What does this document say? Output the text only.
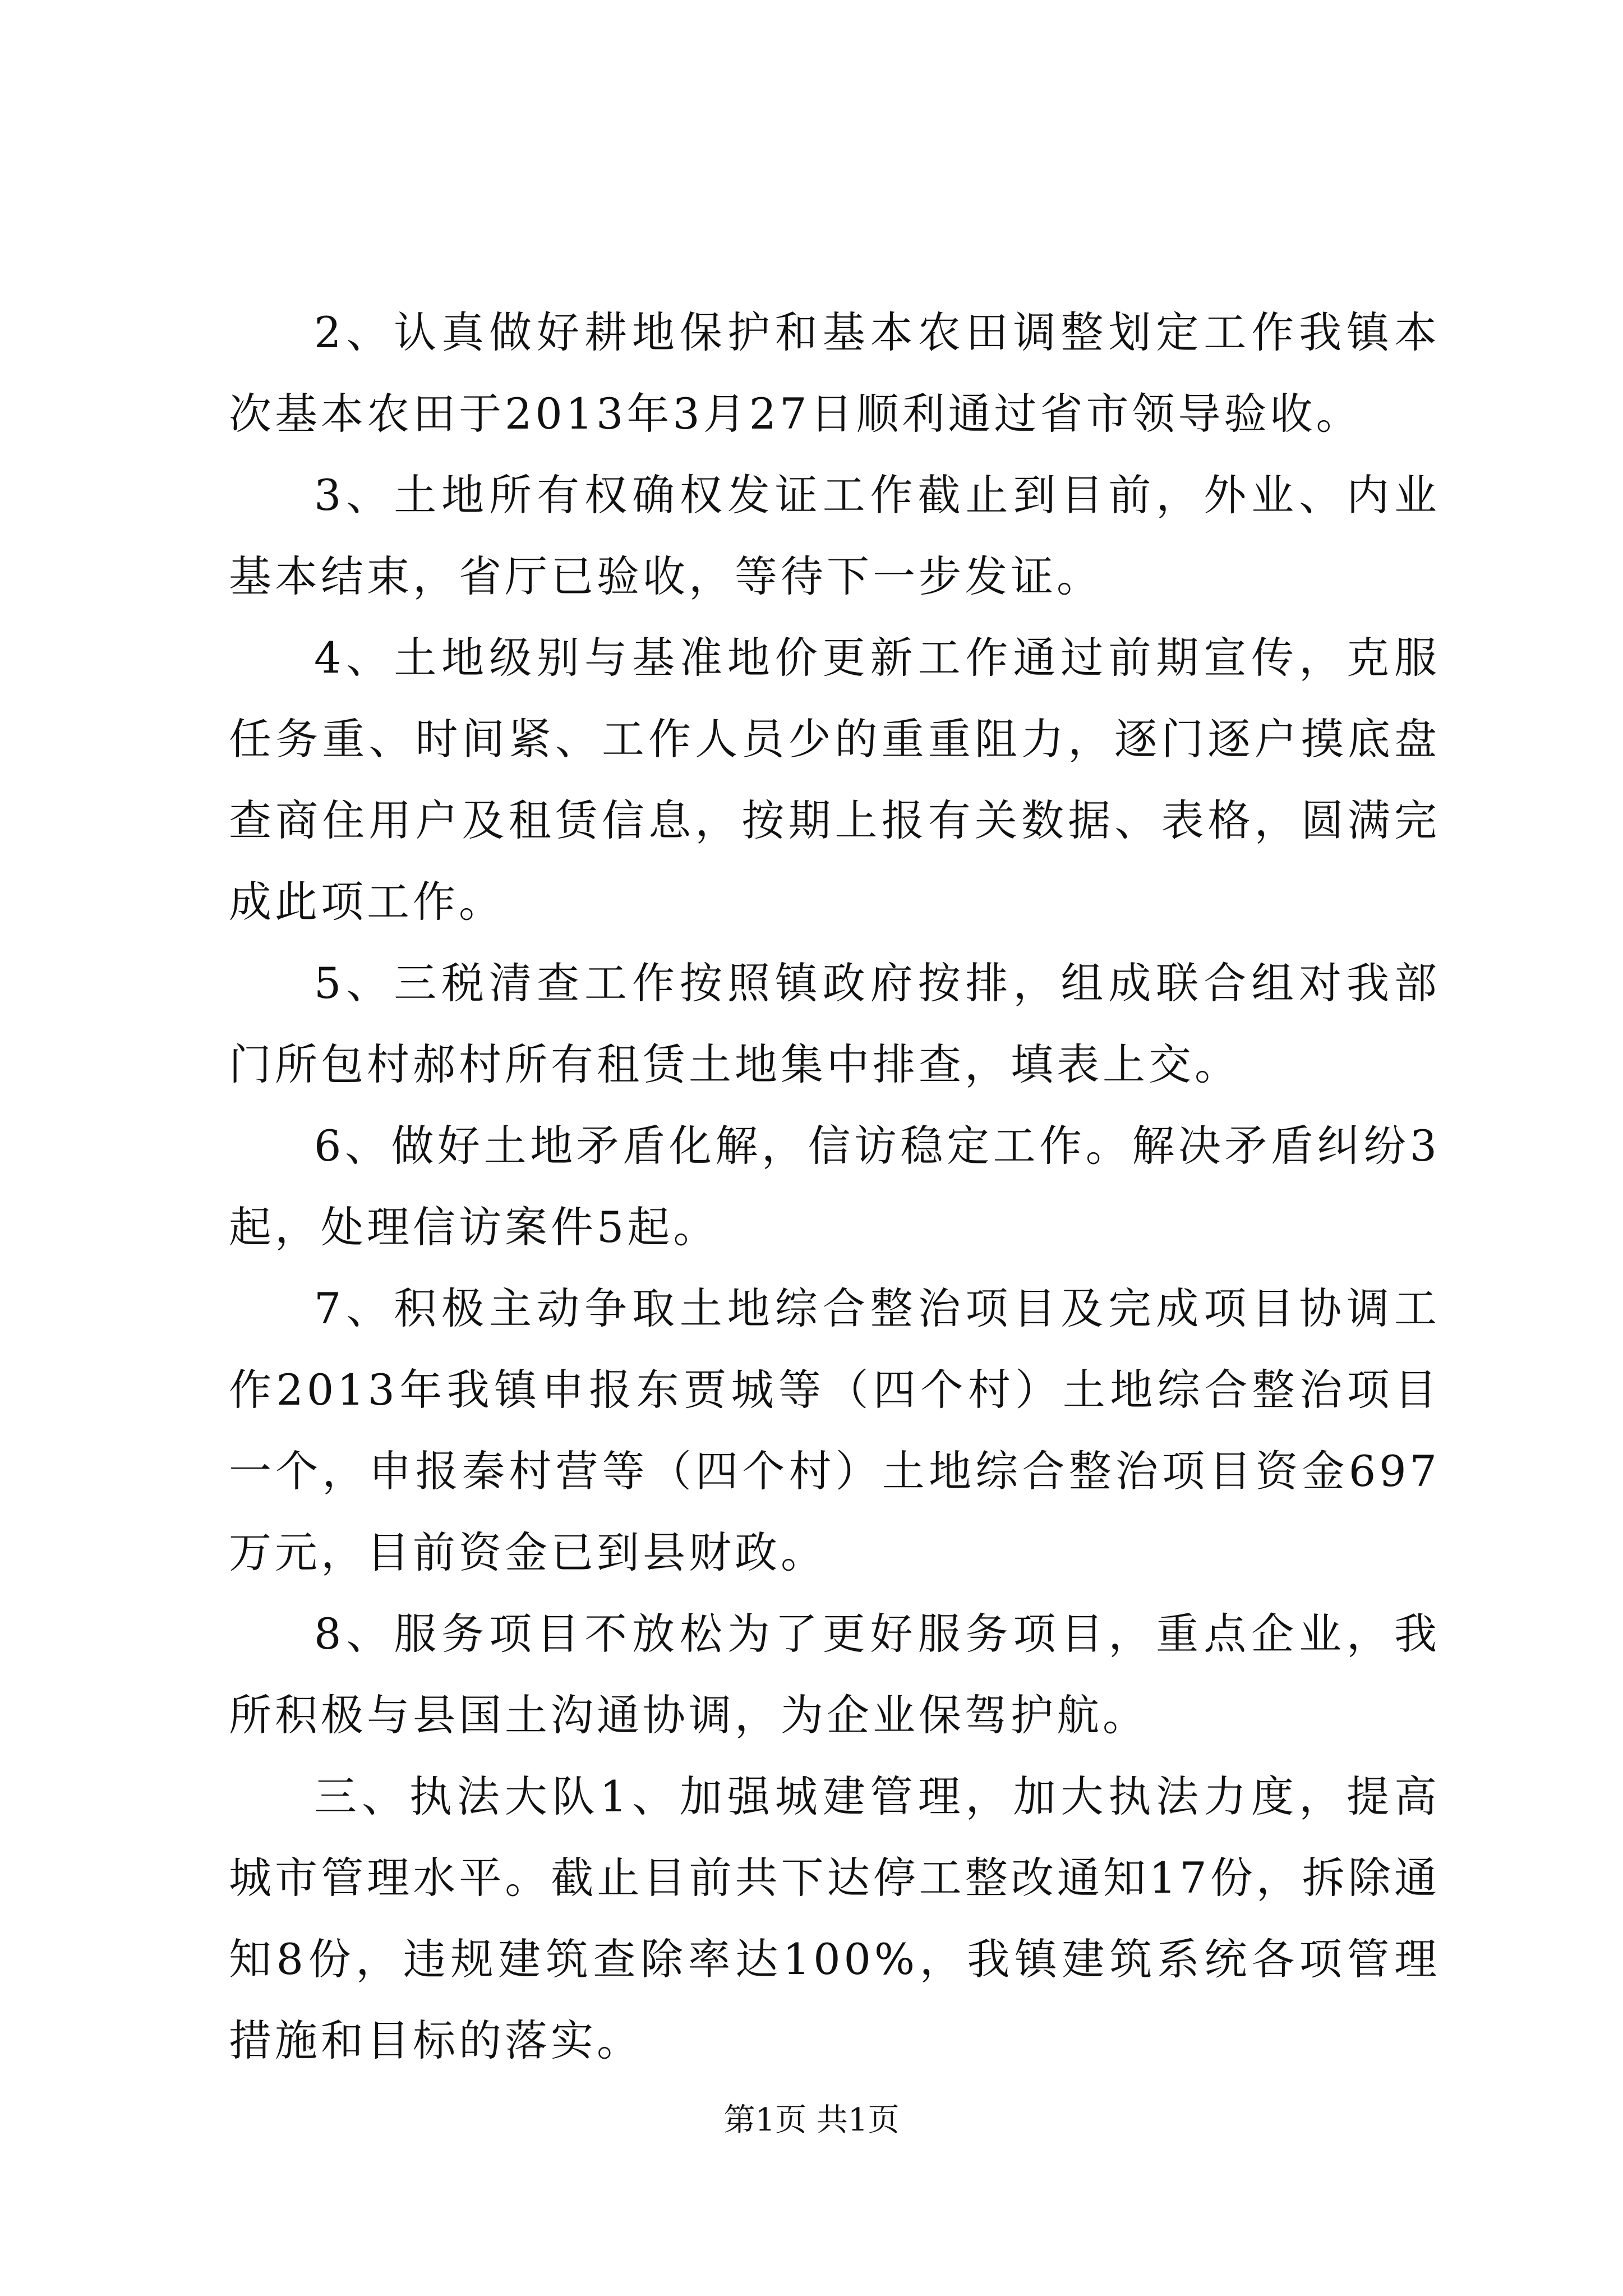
2、认真做好耕地保护和基本农田调整划定工作我镇本次基本农田于2013年3月27日顺利通过省市领导验收。

3、土地所有权确权发证工作截止到目前，外业、内业基本结束，省厅已验收，等待下一步发证。

4、土地级别与基准地价更新工作通过前期宣传，克服任务重、时间紧、工作人员少的重重阻力，逐门逐户摸底盘查商住用户及租赁信息，按期上报有关数据、表格，圆满完成此项工作。

5、三税清查工作按照镇政府按排，组成联合组对我部门所包村郝村所有租赁土地集中排查，填表上交。

6、做好土地矛盾化解，信访稳定工作。解决矛盾纠纷3起，处理信访案件5起。

7、积极主动争取土地综合整治项目及完成项目协调工作2013年我镇申报东贾城等（四个村）土地综合整治项目一个，申报秦村营等（四个村）土地综合整治项目资金697万元，目前资金已到县财政。

8、服务项目不放松为了更好服务项目，重点企业，我所积极与县国土沟通协调，为企业保驾护航。

三、执法大队1、加强城建管理，加大执法力度，提高城市管理水平。截止目前共下达停工整改通知17份，拆除通知8份，违规建筑查除率达100%，我镇建筑系统各项管理措施和目标的落实。

第1页 共1页
